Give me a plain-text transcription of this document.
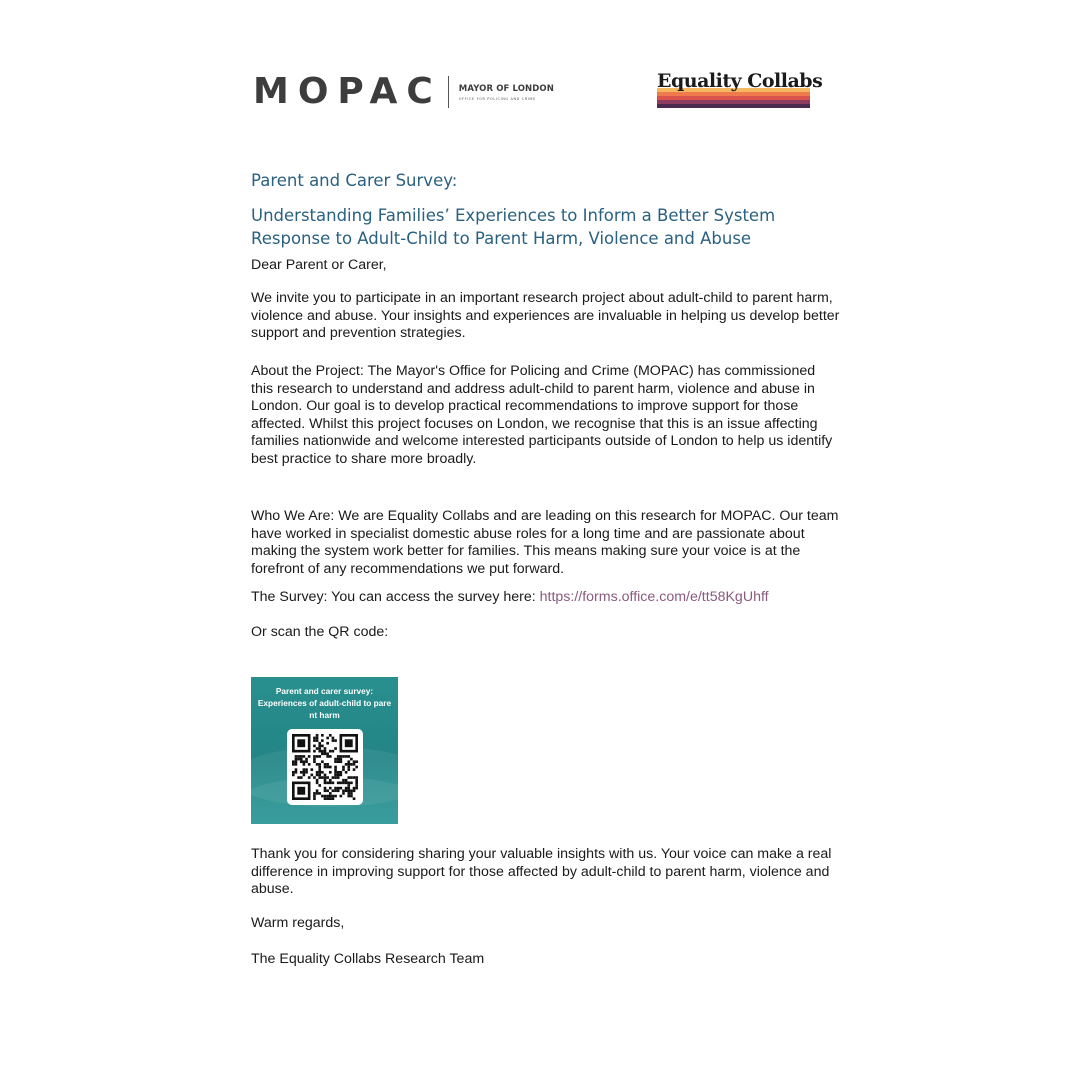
MOPAC MAYOR OF LONDON
OFFICE FOR POLICING AND CRIME
Equality Collabs
Parent and Carer Survey:
Understanding Families’ Experiences to Inform a Better System Response to Adult-Child to Parent Harm, Violence and Abuse

Dear Parent or Carer,

We invite you to participate in an important research project about adult-child to parent harm, violence and abuse. Your insights and experiences are invaluable in helping us develop better support and prevention strategies.

About the Project: The Mayor's Office for Policing and Crime (MOPAC) has commissioned this research to understand and address adult-child to parent harm, violence and abuse in London. Our goal is to develop practical recommendations to improve support for those affected. Whilst this project focuses on London, we recognise that this is an issue affecting families nationwide and welcome interested participants outside of London to help us identify best practice to share more broadly.

Who We Are: We are Equality Collabs and are leading on this research for MOPAC. Our team have worked in specialist domestic abuse roles for a long time and are passionate about making the system work better for families. This means making sure your voice is at the forefront of any recommendations we put forward.

The Survey: You can access the survey here: https://forms.office.com/e/tt58KgUhff

Or scan the QR code:

Parent and carer survey:
Experiences of adult-child to pare
nt harm

Thank you for considering sharing your valuable insights with us. Your voice can make a real difference in improving support for those affected by adult-child to parent harm, violence and abuse.

Warm regards,

The Equality Collabs Research Team
